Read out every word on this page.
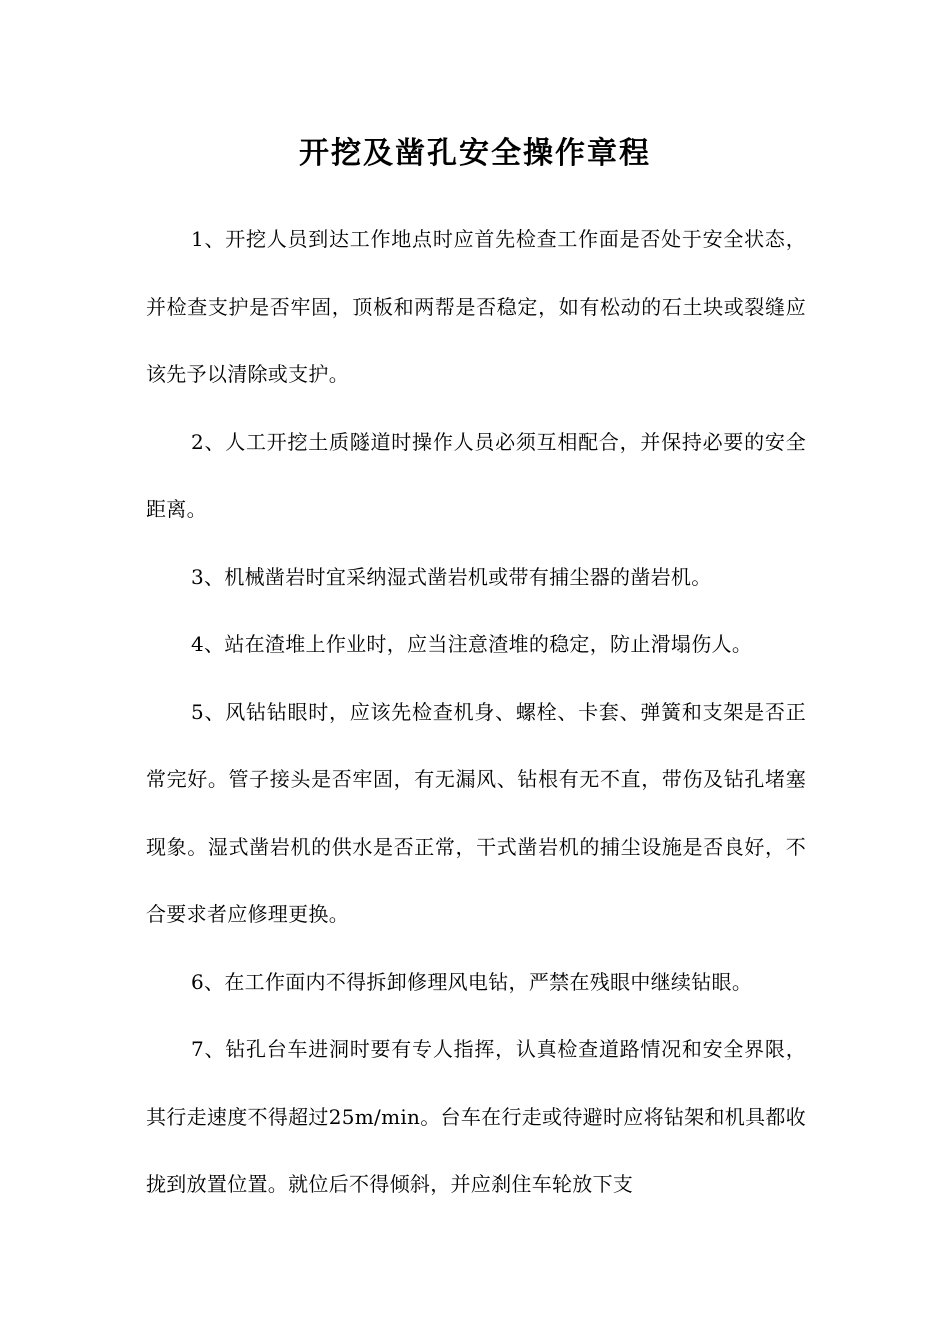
开挖及凿孔安全操作章程

1、开挖人员到达工作地点时应首先检查工作面是否处于安全状态，并检查支护是否牢固，顶板和两帮是否稳定，如有松动的石土块或裂缝应该先予以清除或支护。

2、人工开挖土质隧道时操作人员必须互相配合，并保持必要的安全距离。

3、机械凿岩时宜采纳湿式凿岩机或带有捕尘器的凿岩机。

4、站在渣堆上作业时，应当注意渣堆的稳定，防止滑塌伤人。

5、风钻钻眼时，应该先检查机身、螺栓、卡套、弹簧和支架是否正常完好。管子接头是否牢固，有无漏风、钻根有无不直，带伤及钻孔堵塞现象。湿式凿岩机的供水是否正常，干式凿岩机的捕尘设施是否良好，不合要求者应修理更换。

6、在工作面内不得拆卸修理风电钻，严禁在残眼中继续钻眼。

7、钻孔台车进洞时要有专人指挥，认真检查道路情况和安全界限，其行走速度不得超过25m/min。台车在行走或待避时应将钻架和机具都收拢到放置位置。就位后不得倾斜，并应刹住车轮放下支
